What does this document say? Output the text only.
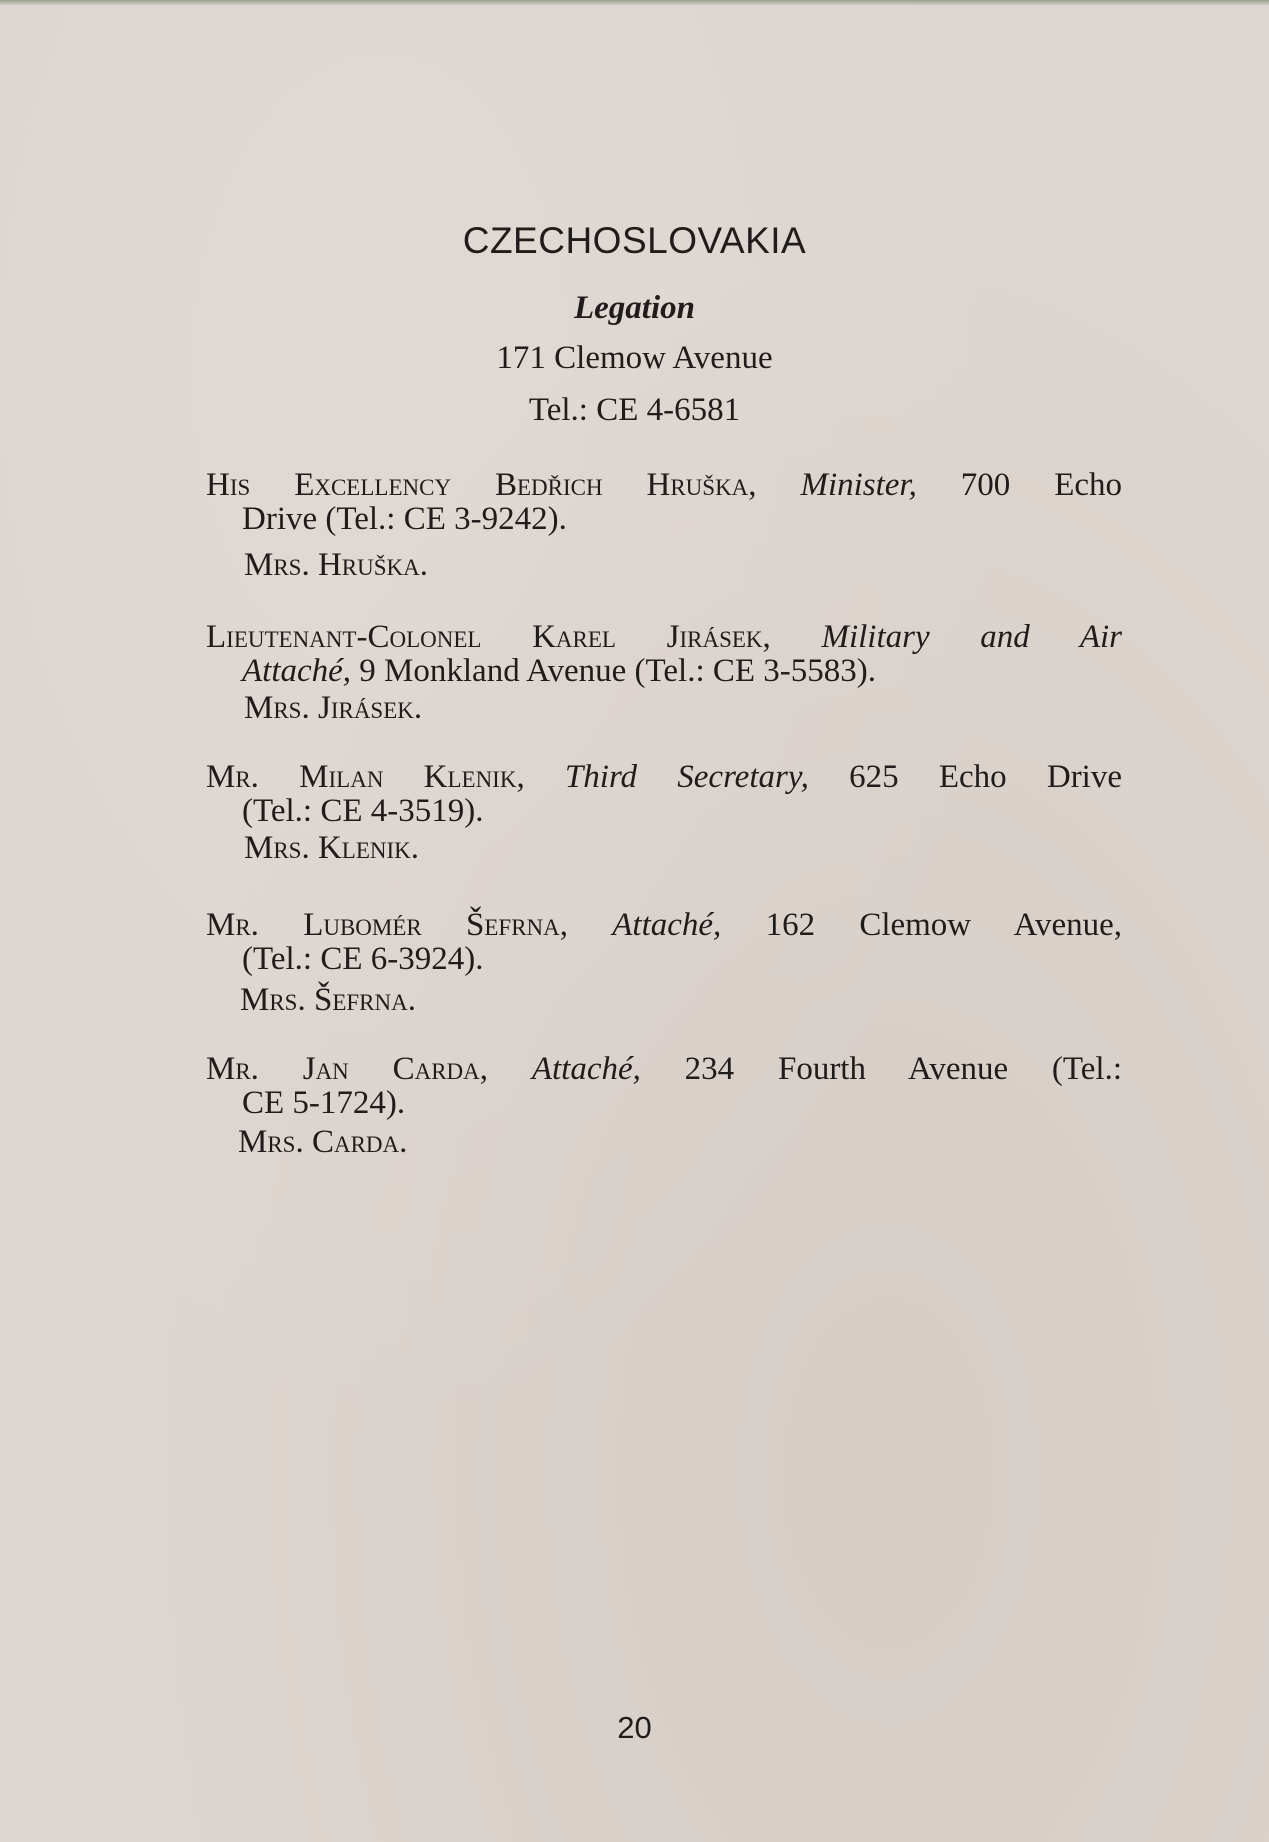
CZECHOSLOVAKIA

Legation

171 Clemow Avenue

Tel.: CE 4-6581

His Excellency Bedřich Hruška, Minister, 700 Echo
Drive (Tel.: CE 3-9242).
Mrs. Hruška.
Lieutenant-Colonel Karel Jirásek, Military and Air
Attaché, 9 Monkland Avenue (Tel.: CE 3-5583).
Mrs. Jirásek.
Mr. Milan Klenik, Third Secretary, 625 Echo Drive
(Tel.: CE 4-3519).
Mrs. Klenik.
Mr. Lubomér Šefrna, Attaché, 162 Clemow Avenue,
(Tel.: CE 6-3924).
Mrs. Šefrna.
Mr. Jan Carda, Attaché, 234 Fourth Avenue (Tel.:
CE 5-1724).
Mrs. Carda.
20
